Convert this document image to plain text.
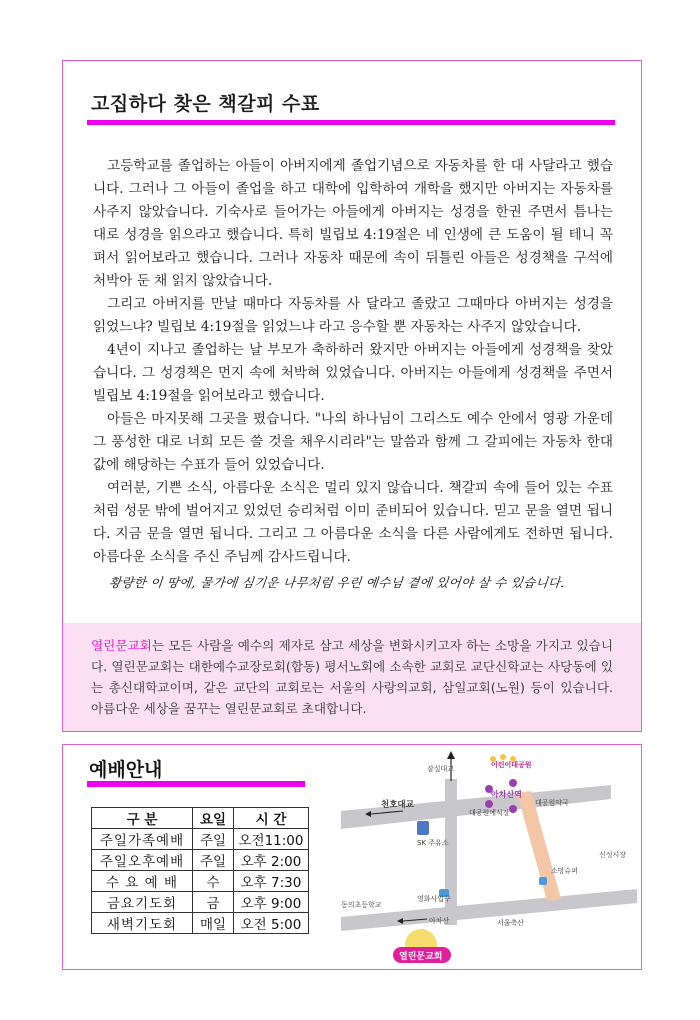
고집하다 찾은 책갈피 수표

고등학교를 졸업하는 아들이 아버지에게 졸업기념으로 자동차를 한 대 사달라고 했습니다. 그러나 그 아들이 졸업을 하고 대학에 입학하여 개학을 했지만 아버지는 자동차를 사주지 않았습니다. 기숙사로 들어가는 아들에게 아버지는 성경을 한권 주면서 틈나는 대로 성경을 읽으라고 했습니다. 특히 빌립보 4:19절은 네 인생에 큰 도움이 될 테니 꼭 펴서 읽어보라고 했습니다. 그러나 자동차 때문에 속이 뒤틀린 아들은 성경책을 구석에 처박아 둔 채 읽지 않았습니다.

그리고 아버지를 만날 때마다 자동차를 사 달라고 졸랐고 그때마다 아버지는 성경을 읽었느냐? 빌립보 4:19절을 읽었느냐 라고 응수할 뿐 자동차는 사주지 않았습니다.

4년이 지나고 졸업하는 날 부모가 축하하러 왔지만 아버지는 아들에게 성경책을 찾았습니다. 그 성경책은 먼지 속에 처박혀 있었습니다. 아버지는 아들에게 성경책을 주면서 빌립보 4:19절을 읽어보라고 했습니다.

아들은 마지못해 그곳을 폈습니다. "나의 하나님이 그리스도 예수 안에서 영광 가운데 그 풍성한 대로 너희 모든 쓸 것을 채우시리라"는 말씀과 함께 그 갈피에는 자동차 한대 값에 해당하는 수표가 들어 있었습니다.

여러분, 기쁜 소식, 아름다운 소식은 멀리 있지 않습니다. 책갈피 속에 들어 있는 수표처럼 성문 밖에 벌어지고 있었던 승리처럼 이미 준비되어 있습니다. 믿고 문을 열면 됩니다. 지금 문을 열면 됩니다. 그리고 그 아름다운 소식을 다른 사람에게도 전하면 됩니다. 아름다운 소식을 주신 주님께 감사드립니다.

황량한 이 땅에, 물가에 심기운 나무처럼 우린 예수님 곁에 있어야 살 수 있습니다.
열린문교회는 모든 사람을 예수의 제자로 삼고 세상을 변화시키고자 하는 소망을 가지고 있습니다. 열린문교회는 대한예수교장로회(합동) 평서노회에 소속한 교회로 교단신학교는 사당동에 있는 총신대학교이며, 같은 교단의 교회로는 서울의 사랑의교회, 삼일교회(노원) 등이 있습니다. 아름다운 세상을 꿈꾸는 열린문교회로 초대합니다.
예배안내
구 분	요일	시 간
주일가족예배	주일	오전11:00
주일오후예배	주일	오후 2:00
수 요 예 배	수	오후 7:30
금요기도회	금	오후 9:00
새벽기도회	매일	오전 5:00
잠실대교	어린이대공원
천호대교
아차산역
대공원약국
대공원예식장
SK 주유소
소망슈퍼
신성시장
동의초등학교
영화사입구
아차산	서울축산
열린문교회
